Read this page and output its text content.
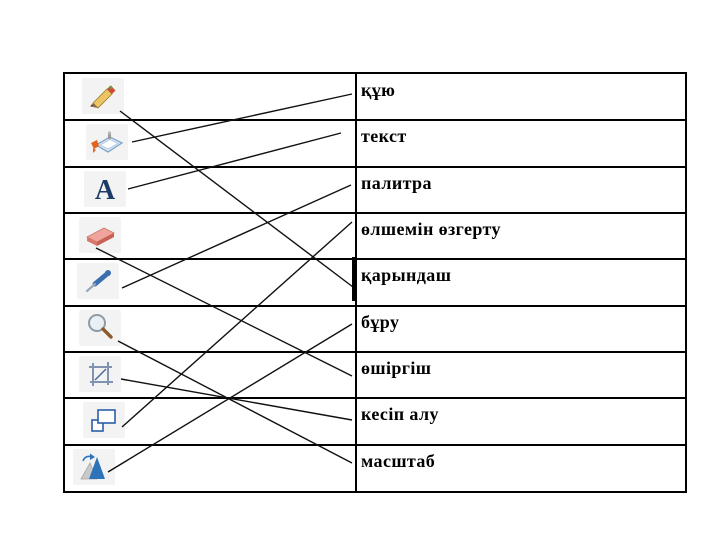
A
құю
текст
палитра
өлшемін өзгерту
қарындаш
бұру
өшіргіш
кесіп алу
масштаб
